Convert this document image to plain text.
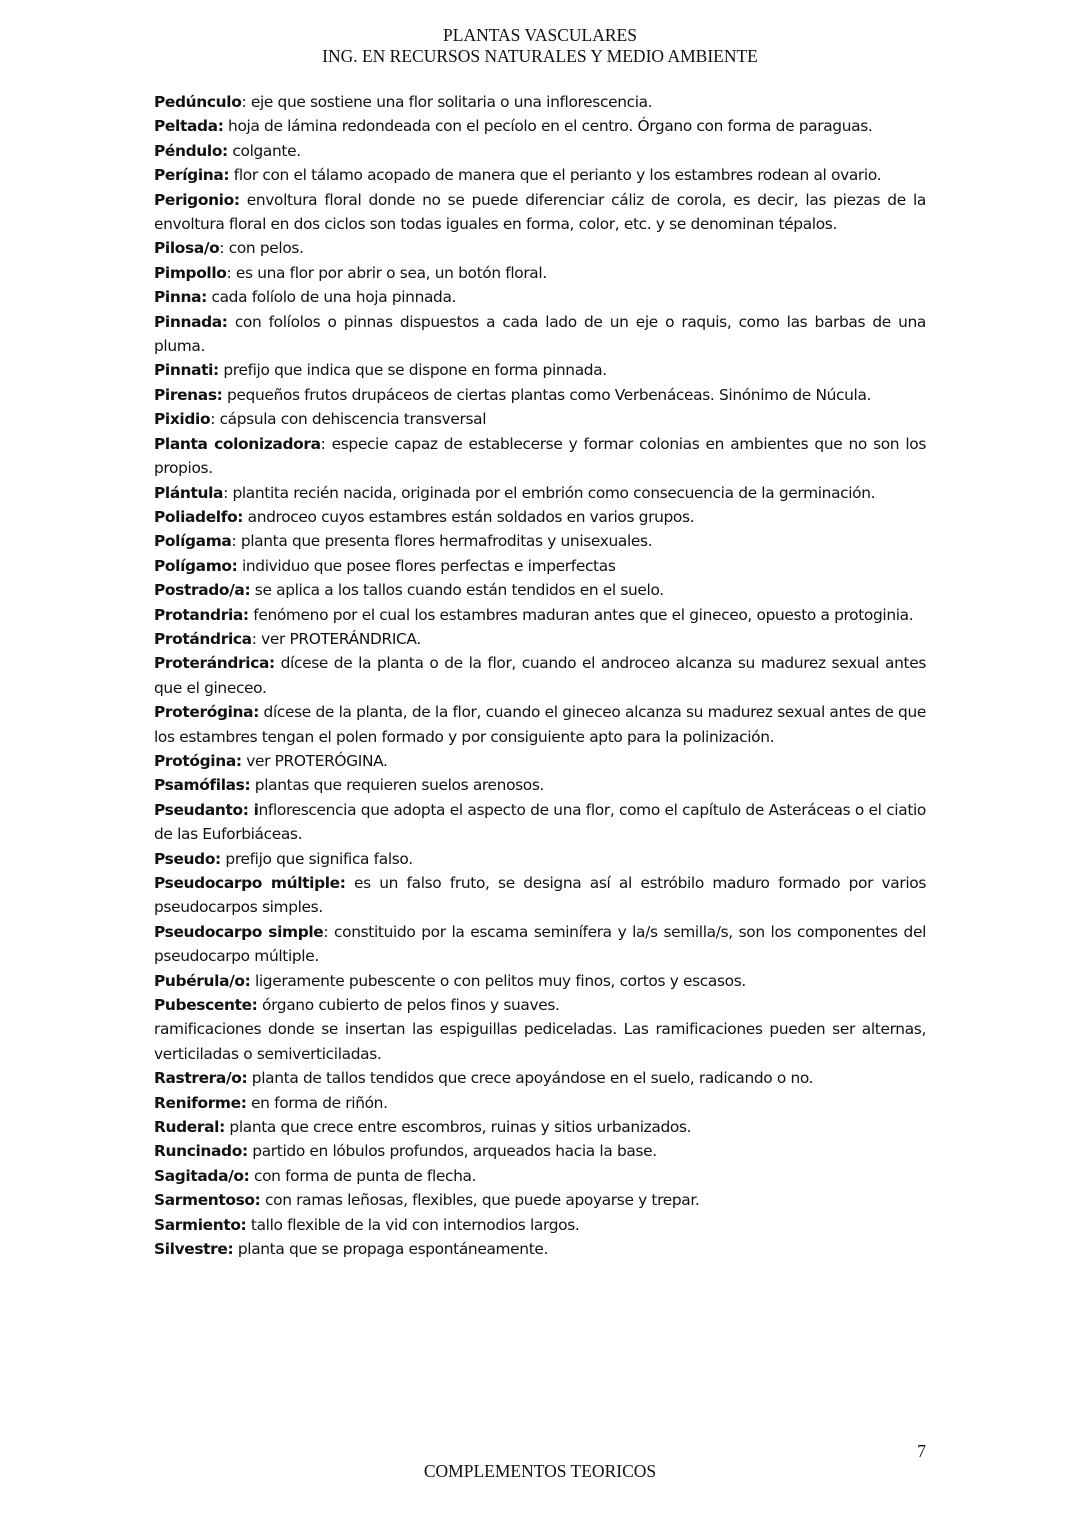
PLANTAS VASCULARES
ING. EN RECURSOS NATURALES Y MEDIO AMBIENTE

Pedúnculo: eje que sostiene una flor solitaria o una inflorescencia.

Peltada: hoja de lámina redondeada con el pecíolo en el centro. Órgano con forma de paraguas.

Péndulo: colgante.

Perígina: flor con el tálamo acopado de manera que el perianto y los estambres rodean al ovario.

Perigonio: envoltura floral donde no se puede diferenciar cáliz de corola, es decir, las piezas de la envoltura floral en dos ciclos son todas iguales en forma, color, etc. y se denominan tépalos.

Pilosa/o: con pelos.

Pimpollo: es una flor por abrir o sea, un botón floral.

Pinna: cada folíolo de una hoja pinnada.

Pinnada: con folíolos o pinnas dispuestos a cada lado de un eje o raquis, como las barbas de una pluma.

Pinnati: prefijo que indica que se dispone en forma pinnada.

Pirenas: pequeños frutos drupáceos de ciertas plantas como Verbenáceas. Sinónimo de Núcula.

Pixidio: cápsula con dehiscencia transversal

Planta colonizadora: especie capaz de establecerse y formar colonias en ambientes que no son los propios.

Plántula: plantita recién nacida, originada por el embrión como consecuencia de la germinación.

Poliadelfo: androceo cuyos estambres están soldados en varios grupos.

Polígama: planta que presenta flores hermafroditas y unisexuales.

Polígamo: individuo que posee flores perfectas e imperfectas

Postrado/a: se aplica a los tallos cuando están tendidos en el suelo.

Protandria: fenómeno por el cual los estambres maduran antes que el gineceo, opuesto a protoginia.

Protándrica: ver PROTERÁNDRICA.

Proterándrica: dícese de la planta o de la flor, cuando el androceo alcanza su madurez sexual antes que el gineceo.

Proterógina: dícese de la planta, de la flor, cuando el gineceo alcanza su madurez sexual antes de que los estambres tengan el polen formado y por consiguiente apto para la polinización.

Protógina: ver PROTERÓGINA.

Psamófilas: plantas que requieren suelos arenosos.

Pseudanto: inflorescencia que adopta el aspecto de una flor, como el capítulo de Asteráceas o el ciatio de las Euforbiáceas.

Pseudo: prefijo que significa falso.

Pseudocarpo múltiple: es un falso fruto, se designa así al estróbilo maduro formado por varios pseudocarpos simples.

Pseudocarpo simple: constituido por la escama seminífera y la/s semilla/s, son los componentes del pseudocarpo múltiple.

Pubérula/o: ligeramente pubescente o con pelitos muy finos, cortos y escasos.

Pubescente: órgano cubierto de pelos finos y suaves.

ramificaciones donde se insertan las espiguillas pediceladas. Las ramificaciones pueden ser alternas, verticiladas o semiverticiladas.

Rastrera/o: planta de tallos tendidos que crece apoyándose en el suelo, radicando o no.

Reniforme: en forma de riñón.

Ruderal: planta que crece entre escombros, ruinas y sitios urbanizados.

Runcinado: partido en lóbulos profundos, arqueados hacia la base.

Sagitada/o: con forma de punta de flecha.

Sarmentoso: con ramas leñosas, flexibles, que puede apoyarse y trepar.

Sarmiento: tallo flexible de la vid con internodios largos.

Silvestre: planta que se propaga espontáneamente.

7
COMPLEMENTOS TEORICOS
